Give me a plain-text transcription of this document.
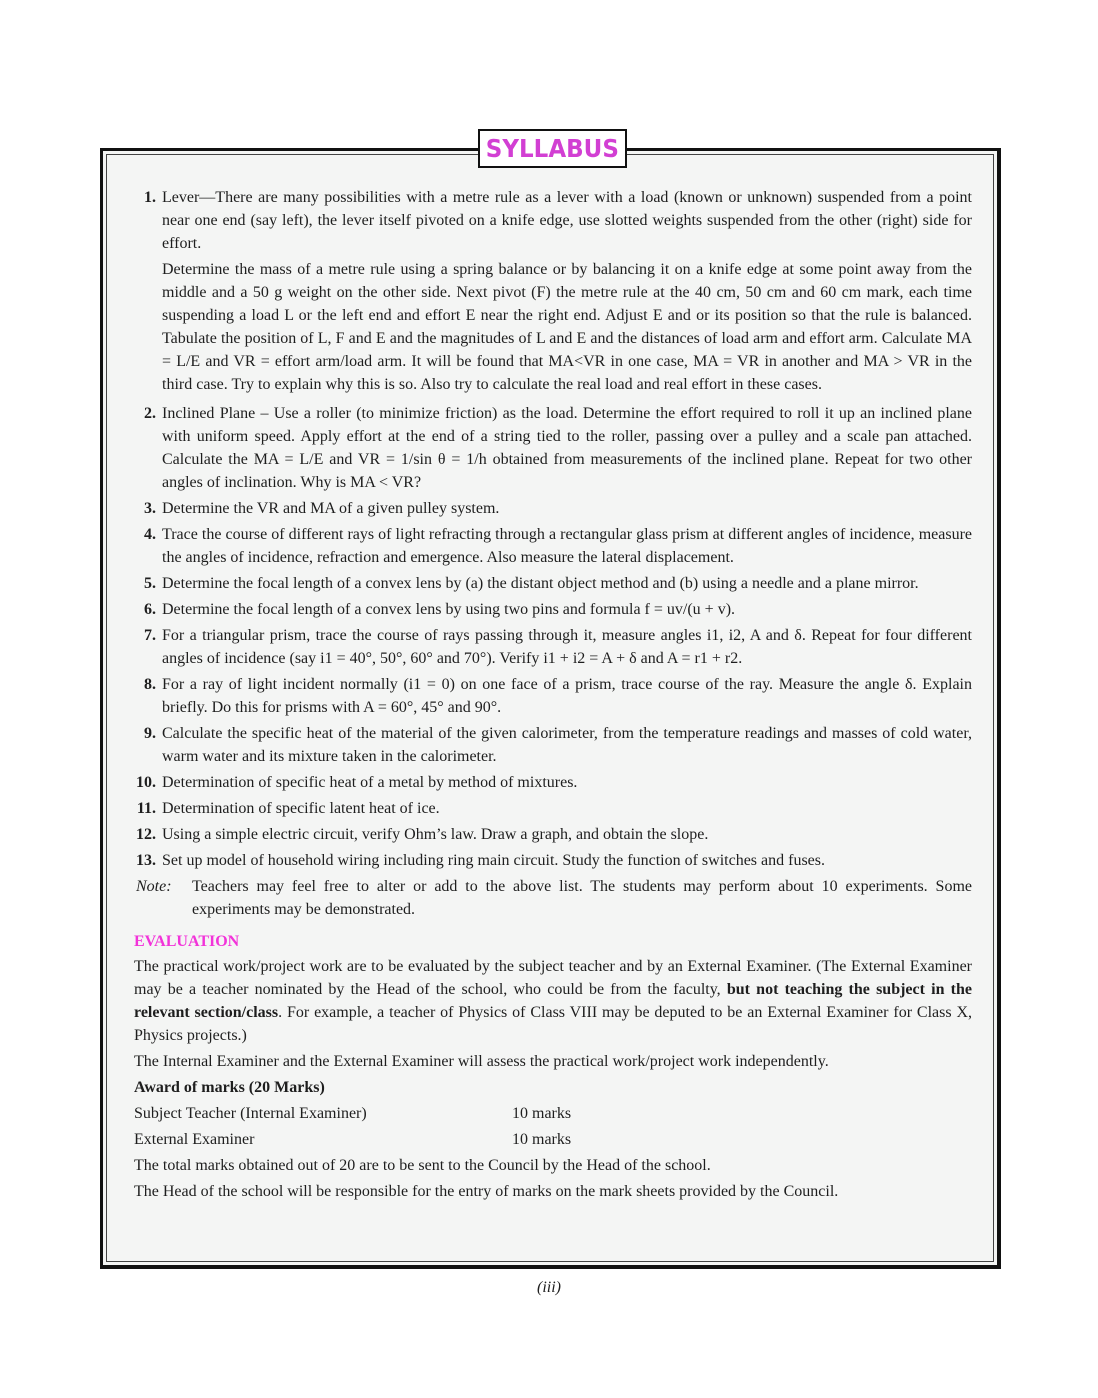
SYLLABUS
1. Lever—There are many possibilities with a metre rule as a lever with a load (known or unknown) suspended from a point near one end (say left), the lever itself pivoted on a knife edge, use slotted weights suspended from the other (right) side for effort.
Determine the mass of a metre rule using a spring balance or by balancing it on a knife edge at some point away from the middle and a 50 g weight on the other side. Next pivot (F) the metre rule at the 40 cm, 50 cm and 60 cm mark, each time suspending a load L or the left end and effort E near the right end. Adjust E and or its position so that the rule is balanced. Tabulate the position of L, F and E and the magnitudes of L and E and the distances of load arm and effort arm. Calculate MA = L/E and VR = effort arm/load arm. It will be found that MA<VR in one case, MA = VR in another and MA > VR in the third case. Try to explain why this is so. Also try to calculate the real load and real effort in these cases.
2. Inclined Plane – Use a roller (to minimize friction) as the load. Determine the effort required to roll it up an inclined plane with uniform speed. Apply effort at the end of a string tied to the roller, passing over a pulley and a scale pan attached. Calculate the MA = L/E and VR = 1/sin θ = 1/h obtained from measurements of the inclined plane. Repeat for two other angles of inclination. Why is MA < VR?
3. Determine the VR and MA of a given pulley system.
4. Trace the course of different rays of light refracting through a rectangular glass prism at different angles of incidence, measure the angles of incidence, refraction and emergence. Also measure the lateral displacement.
5. Determine the focal length of a convex lens by (a) the distant object method and (b) using a needle and a plane mirror.
6. Determine the focal length of a convex lens by using two pins and formula f = uv/(u + v).
7. For a triangular prism, trace the course of rays passing through it, measure angles i1, i2, A and δ. Repeat for four different angles of incidence (say i1 = 40°, 50°, 60° and 70°). Verify i1 + i2 = A + δ and A = r1 + r2.
8. For a ray of light incident normally (i1 = 0) on one face of a prism, trace course of the ray. Measure the angle δ. Explain briefly. Do this for prisms with A = 60°, 45° and 90°.
9. Calculate the specific heat of the material of the given calorimeter, from the temperature readings and masses of cold water, warm water and its mixture taken in the calorimeter.
10. Determination of specific heat of a metal by method of mixtures.
11. Determination of specific latent heat of ice.
12. Using a simple electric circuit, verify Ohm’s law. Draw a graph, and obtain the slope.
13. Set up model of household wiring including ring main circuit. Study the function of switches and fuses.
Note:	Teachers may feel free to alter or add to the above list. The students may perform about 10 experiments. Some experiments may be demonstrated.
EVALUATION

The practical work/project work are to be evaluated by the subject teacher and by an External Examiner. (The External Examiner may be a teacher nominated by the Head of the school, who could be from the faculty, but not teaching the subject in the relevant section/class. For example, a teacher of Physics of Class VIII may be deputed to be an External Examiner for Class X, Physics projects.)

The Internal Examiner and the External Examiner will assess the practical work/project work independently.

Award of marks (20 Marks)

Subject Teacher (Internal Examiner)	10 marks
External Examiner	10 marks

The total marks obtained out of 20 are to be sent to the Council by the Head of the school.

The Head of the school will be responsible for the entry of marks on the mark sheets provided by the Council.

(iii)
